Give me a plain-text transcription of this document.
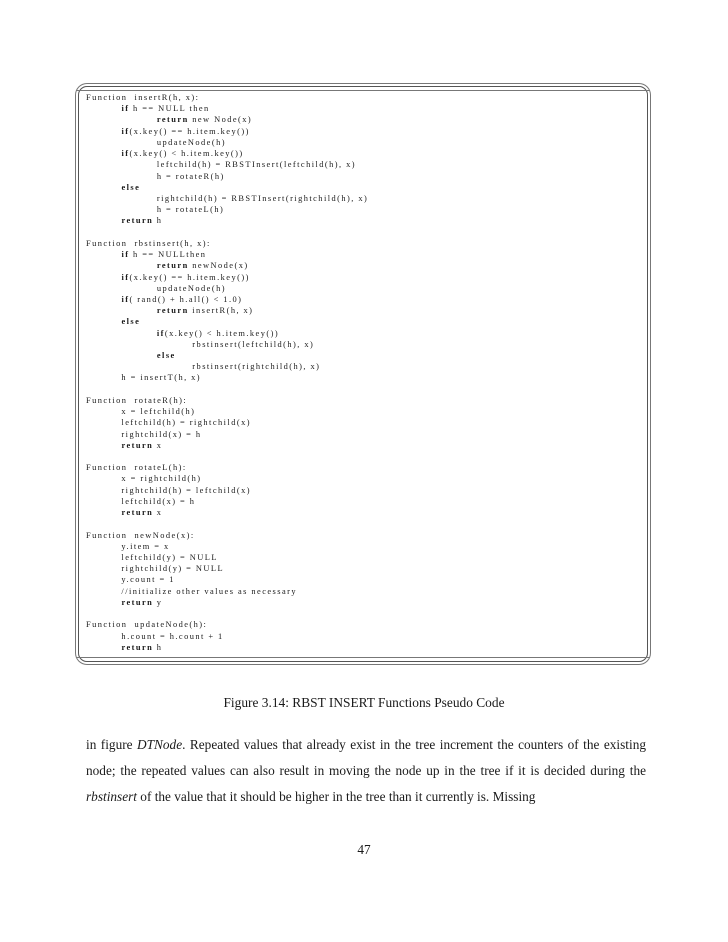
Function  insertR(h, x):
if h == NULL then
return new Node(x)
if(x.key() == h.item.key())
updateNode(h)
if(x.key() < h.item.key())
leftchild(h) = RBSTInsert(leftchild(h), x)
h = rotateR(h)
else
rightchild(h) = RBSTInsert(rightchild(h), x)
h = rotateL(h)
return h
Function  rbstinsert(h, x):
if h == NULLthen
return newNode(x)
if(x.key() == h.item.key())
updateNode(h)
if( rand() + h.all() < 1.0)
return insertR(h, x)
else
if(x.key() < h.item.key())
rbstinsert(leftchild(h), x)
else
rbstinsert(rightchild(h), x)
h = insertT(h, x)
Function  rotateR(h):
x = leftchild(h)
leftchild(h) = rightchild(x)
rightchild(x) = h
return x
Function  rotateL(h):
x = rightchild(h)
rightchild(h) = leftchild(x)
leftchild(x) = h
return x
Function  newNode(x):
y.item = x
leftchild(y) = NULL
rightchild(y) = NULL
y.count = 1
//initialize other values as necessary
return y
Function  updateNode(h):
h.count = h.count + 1
return h
Figure 3.14: RBST INSERT Functions Pseudo Code

in figure DTNode. Repeated values that already exist in the tree increment the counters of the existing node; the repeated values can also result in moving the node up in the tree if it is decided during the rbstinsert of the value that it should be higher in the tree than it currently is. Missing

47
